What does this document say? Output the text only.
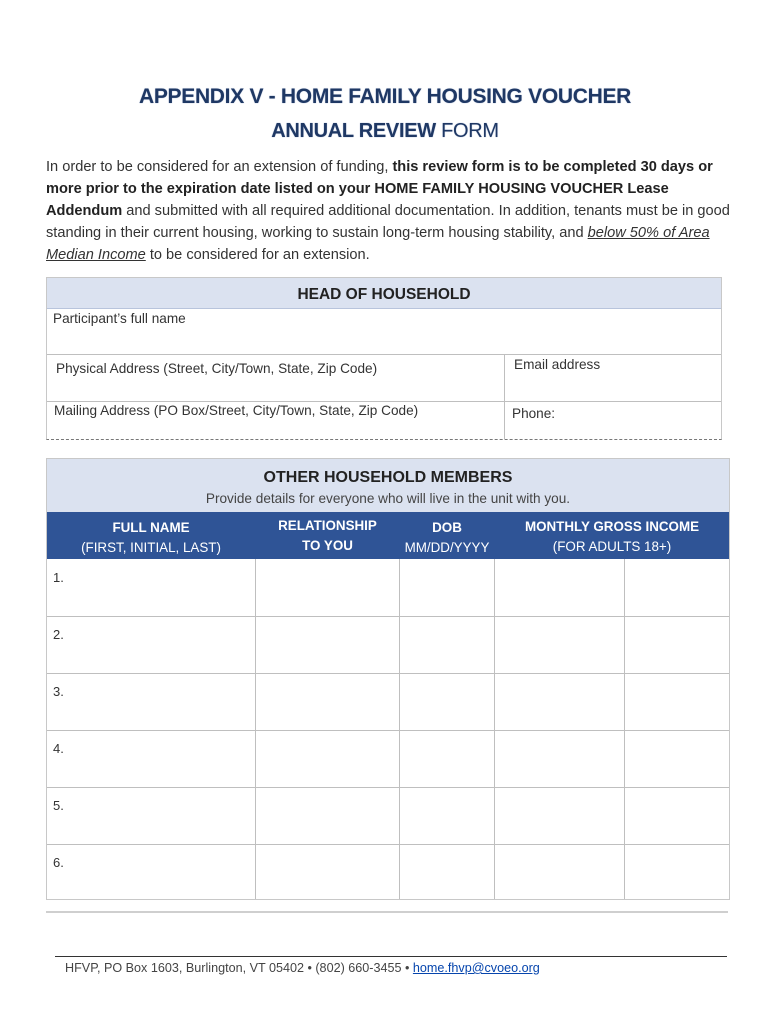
APPENDIX V - HOME FAMILY HOUSING VOUCHER
ANNUAL REVIEW FORM
In order to be considered for an extension of funding, this review form is to be completed 30 days or more prior to the expiration date listed on your HOME FAMILY HOUSING VOUCHER Lease Addendum and submitted with all required additional documentation. In addition, tenants must be in good standing in their current housing, working to sustain long-term housing stability, and below 50% of Area Median Income to be considered for an extension.
HEAD OF HOUSEHOLD
Participant’s full name
Physical Address (Street, City/Town, State, Zip Code)	Email address
Mailing Address (PO Box/Street, City/Town, State, Zip Code)	Phone:
OTHER HOUSEHOLD MEMBERS
Provide details for everyone who will live in the unit with you.
FULL NAME
(FIRST, INITIAL, LAST)
RELATIONSHIP
TO YOU
DOB
MM/DD/YYYY
MONTHLY GROSS INCOME
(FOR ADULTS 18+)
1.
2.
3.
4.
5.
6.
HFVP, PO Box 1603, Burlington, VT 05402 • (802) 660-3455 • home.fhvp@cvoeo.org
